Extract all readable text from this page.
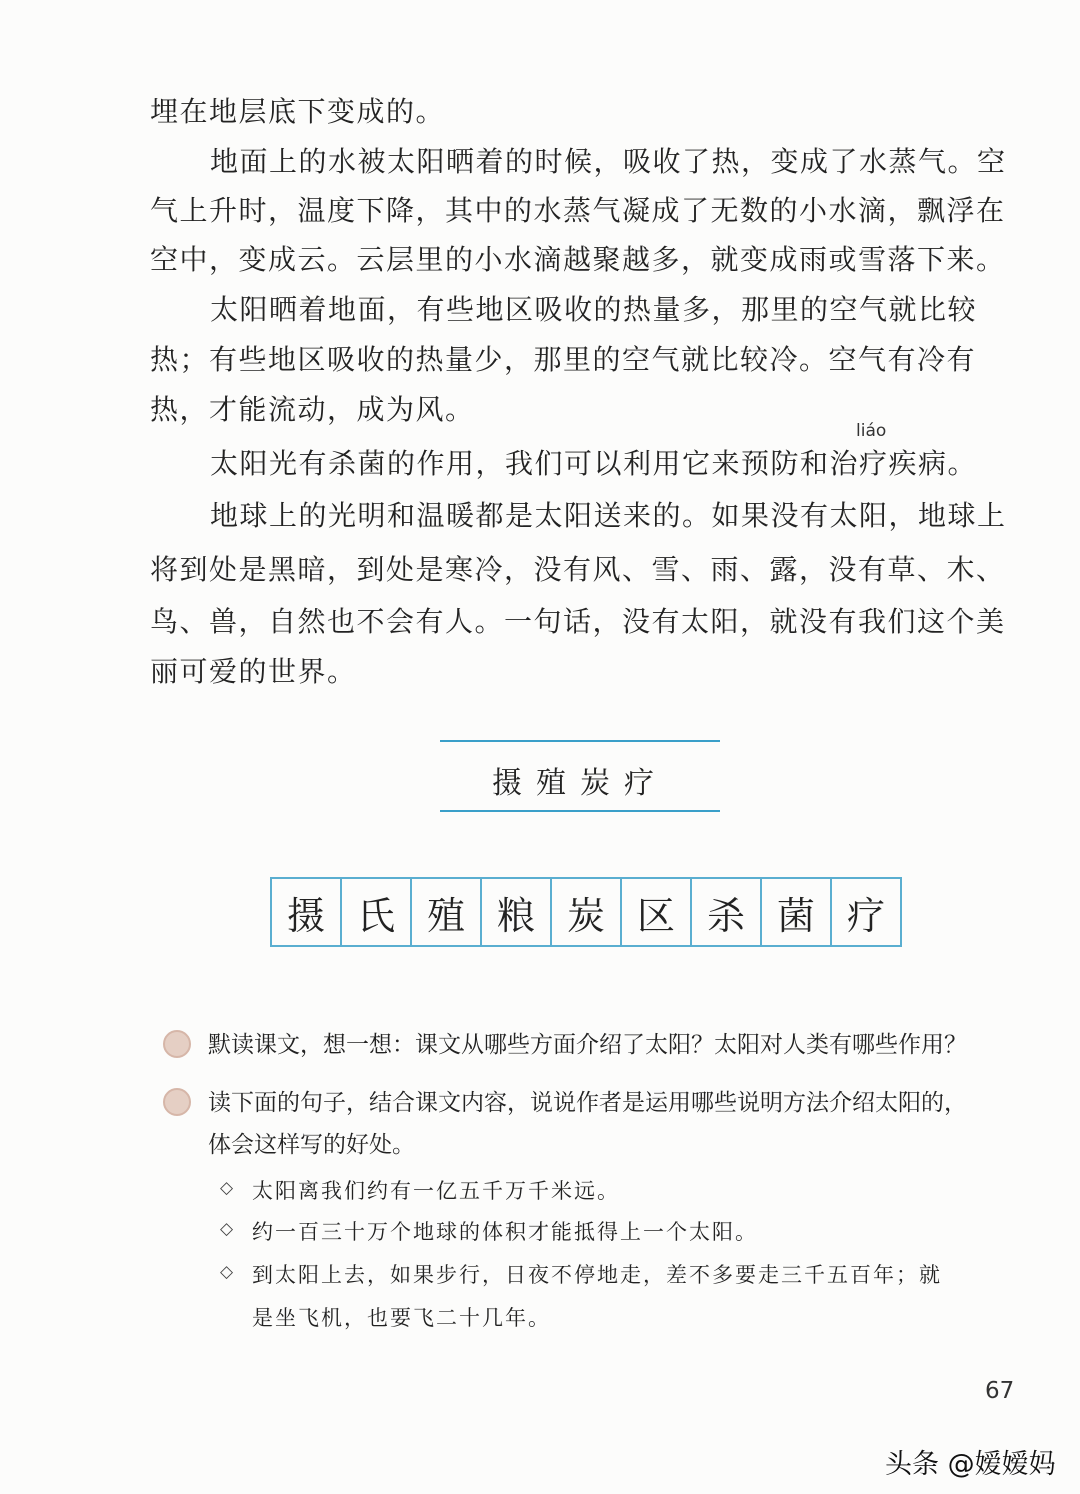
埋在地层底下变成的。
地面上的水被太阳晒着的时候，吸收了热，变成了水蒸气。空
气上升时，温度下降，其中的水蒸气凝成了无数的小水滴，飘浮在
空中，变成云。云层里的小水滴越聚越多，就变成雨或雪落下来。
太阳晒着地面，有些地区吸收的热量多，那里的空气就比较
热；有些地区吸收的热量少，那里的空气就比较冷。空气有冷有
热，才能流动，成为风。
liáo
太阳光有杀菌的作用，我们可以利用它来预防和治疗疾病。
地球上的光明和温暖都是太阳送来的。如果没有太阳，地球上
将到处是黑暗，到处是寒冷，没有风、雪、雨、露，没有草、木、
鸟、兽，自然也不会有人。一句话，没有太阳，就没有我们这个美
丽可爱的世界。
摄殖炭疗
摄 氏 殖 粮 炭 区 杀 菌 疗
默读课文，想一想：课文从哪些方面介绍了太阳？太阳对人类有哪些作用？
读下面的句子，结合课文内容，说说作者是运用哪些说明方法介绍太阳的，
体会这样写的好处。
◇ 太阳离我们约有一亿五千万千米远。
◇ 约一百三十万个地球的体积才能抵得上一个太阳。
◇ 到太阳上去，如果步行，日夜不停地走，差不多要走三千五百年；就
是坐飞机，也要飞二十几年。
67
头条 @嫒嫒妈
